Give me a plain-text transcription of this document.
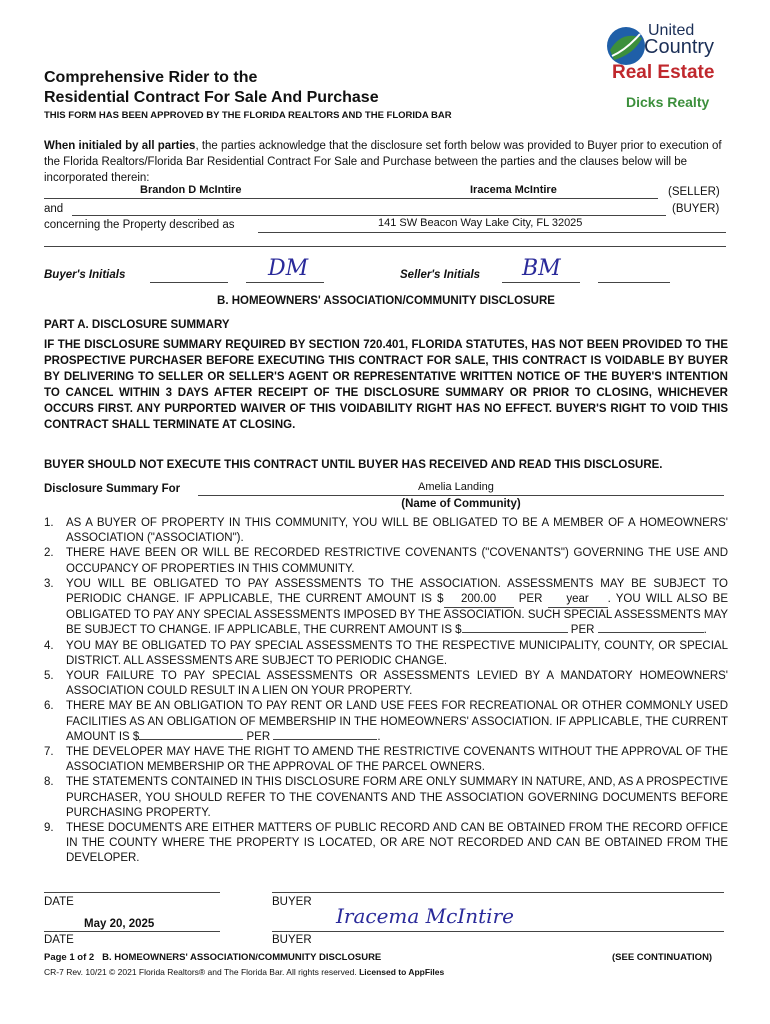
United
Country
Real Estate
Dicks Realty
Comprehensive Rider to the
Residential Contract For Sale And Purchase
THIS FORM HAS BEEN APPROVED BY THE FLORIDA REALTORS AND THE FLORIDA BAR
When initialed by all parties, the parties acknowledge that the disclosure set forth below was provided to Buyer prior to execution of the Florida Realtors/Florida Bar Residential Contract For Sale and Purchase between the parties and the clauses below will be incorporated therein:
Brandon D McIntire	Iracema McIntire	(SELLER)
and	(BUYER)
concerning the Property described as	141 SW Beacon Way Lake City, FL 32025
Buyer's Initials	DM	Seller's Initials BM
B. HOMEOWNERS' ASSOCIATION/COMMUNITY DISCLOSURE
PART A. DISCLOSURE SUMMARY
IF THE DISCLOSURE SUMMARY REQUIRED BY SECTION 720.401, FLORIDA STATUTES, HAS NOT BEEN PROVIDED TO THE PROSPECTIVE PURCHASER BEFORE EXECUTING THIS CONTRACT FOR SALE, THIS CONTRACT IS VOIDABLE BY BUYER BY DELIVERING TO SELLER OR SELLER'S AGENT OR REPRESENTATIVE WRITTEN NOTICE OF THE BUYER'S INTENTION TO CANCEL WITHIN 3 DAYS AFTER RECEIPT OF THE DISCLOSURE SUMMARY OR PRIOR TO CLOSING, WHICHEVER OCCURS FIRST. ANY PURPORTED WAIVER OF THIS VOIDABILITY RIGHT HAS NO EFFECT. BUYER'S RIGHT TO VOID THIS CONTRACT SHALL TERMINATE AT CLOSING.
BUYER SHOULD NOT EXECUTE THIS CONTRACT UNTIL BUYER HAS RECEIVED AND READ THIS DISCLOSURE.
Disclosure Summary For	Amelia Landing
(Name of Community)
1.	AS A BUYER OF PROPERTY IN THIS COMMUNITY, YOU WILL BE OBLIGATED TO BE A MEMBER OF A HOMEOWNERS' ASSOCIATION ("ASSOCIATION").
2.	THERE HAVE BEEN OR WILL BE RECORDED RESTRICTIVE COVENANTS ("COVENANTS") GOVERNING THE USE AND OCCUPANCY OF PROPERTIES IN THIS COMMUNITY.
3.	YOU WILL BE OBLIGATED TO PAY ASSESSMENTS TO THE ASSOCIATION. ASSESSMENTS MAY BE SUBJECT TO PERIODIC CHANGE. IF APPLICABLE, THE CURRENT AMOUNT IS $ 200.00 PER year . YOU WILL ALSO BE OBLIGATED TO PAY ANY SPECIAL ASSESSMENTS IMPOSED BY THE ASSOCIATION. SUCH SPECIAL ASSESSMENTS MAY BE SUBJECT TO CHANGE. IF APPLICABLE, THE CURRENT AMOUNT IS $	PER	.
4.	YOU MAY BE OBLIGATED TO PAY SPECIAL ASSESSMENTS TO THE RESPECTIVE MUNICIPALITY, COUNTY, OR SPECIAL DISTRICT. ALL ASSESSMENTS ARE SUBJECT TO PERIODIC CHANGE.
5.	YOUR FAILURE TO PAY SPECIAL ASSESSMENTS OR ASSESSMENTS LEVIED BY A MANDATORY HOMEOWNERS' ASSOCIATION COULD RESULT IN A LIEN ON YOUR PROPERTY.
6.	THERE MAY BE AN OBLIGATION TO PAY RENT OR LAND USE FEES FOR RECREATIONAL OR OTHER COMMONLY USED FACILITIES AS AN OBLIGATION OF MEMBERSHIP IN THE HOMEOWNERS' ASSOCIATION. IF APPLICABLE, THE CURRENT AMOUNT IS $	PER	.
7.	THE DEVELOPER MAY HAVE THE RIGHT TO AMEND THE RESTRICTIVE COVENANTS WITHOUT THE APPROVAL OF THE ASSOCIATION MEMBERSHIP OR THE APPROVAL OF THE PARCEL OWNERS.
8.	THE STATEMENTS CONTAINED IN THIS DISCLOSURE FORM ARE ONLY SUMMARY IN NATURE, AND, AS A PROSPECTIVE PURCHASER, YOU SHOULD REFER TO THE COVENANTS AND THE ASSOCIATION GOVERNING DOCUMENTS BEFORE PURCHASING PROPERTY.
9.	THESE DOCUMENTS ARE EITHER MATTERS OF PUBLIC RECORD AND CAN BE OBTAINED FROM THE RECORD OFFICE IN THE COUNTY WHERE THE PROPERTY IS LOCATED, OR ARE NOT RECORDED AND CAN BE OBTAINED FROM THE DEVELOPER.
DATE	BUYER
May 20, 2025	Iracema McIntire
DATE	BUYER
Page 1 of 2 B. HOMEOWNERS' ASSOCIATION/COMMUNITY DISCLOSURE	(SEE CONTINUATION)
CR-7 Rev. 10/21 © 2021 Florida Realtors® and The Florida Bar. All rights reserved. Licensed to AppFiles
